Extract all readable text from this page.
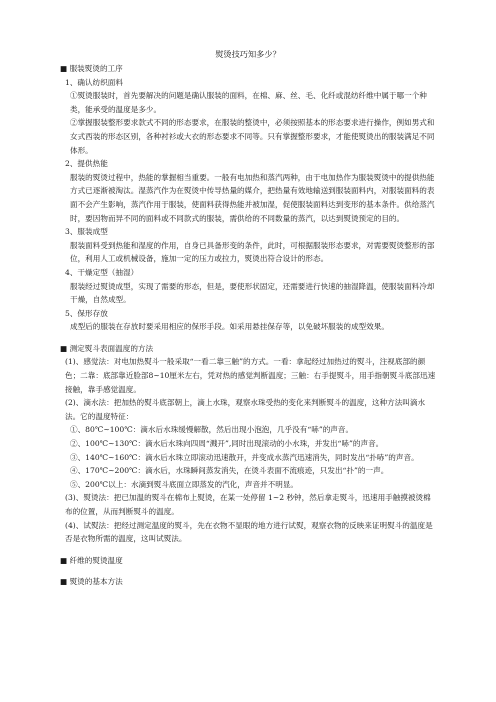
熨烫技巧知多少？

■ 服装熨烫的工序

1、确认纺织面料

①熨烫服装时，首先要解决的问题是确认服装的面料，在棉、麻、丝、毛、化纤或混纺纤维中属于哪一个种类，能承受的温度是多少。

②掌握服装整形要求款式不同的形态要求，在服装的整烫中，必须按照基本的形态要求进行操作，例如男式和女式西装的形态区别，各种衬衫或大衣的形态要求不同等。只有掌握整形要求，才能使熨烫出的服装满足不同体形。

2、提供热能

服装的熨烫过程中，热能的掌握相当重要。一般有电加热和蒸汽两种，由于电加热作为服装熨烫中的提供热能方式已逐渐被淘汰。湿蒸汽作为在熨烫中传导热量的媒介，把热量有效地输送到服装面料内，对服装面料的表面不会产生影响，蒸汽作用于服装，使面料获得热能并被加湿，促使服装面料达到变形的基本条件。供给蒸汽时，要因物而异不同的面料或不同款式的服装，需供给的不同数量的蒸汽，以达到熨烫预定的目的。

3、服装成型

服装面料受到热能和湿度的作用，自身已具备形变的条件，此时，可根据服装形态要求，对需要熨烫整形的部位，利用人工或机械设备，施加一定的压力或拉力，熨烫出符合设计的形态。

4、干燥定型（抽湿）

服装经过熨烫成型，实现了需要的形态，但是，要使形状固定，还需要进行快速的抽湿降温，使服装面料冷却干燥，自然成型。

5、保形存放

成型后的服装在存放时要采用相应的保形手段。如采用悬挂保存等，以免破坏服装的成型效果。

■ 测定熨斗表面温度的方法

(1)、感觉法：对电加热熨斗一般采取“一看二靠三触”的方式。一看：拿起经过加热过的熨斗，注视底部的颜色；二靠：底部靠近脸部8~10厘米左右，凭对热的感觉判断温度；三触：右手提熨斗，用手指朝熨斗底部迅速接触，靠手感觉温度。

(2)、滴水法：把加热的熨斗底部朝上，滴上水珠，观察水珠受热的变化来判断熨斗的温度，这种方法叫滴水法。它的温度特征：

①、80℃~100℃：滴水后水珠缓慢解散，然后出现小泡泡，几乎没有“哧”的声音。

②、100℃~130℃：滴水后水珠向四周“溅开”,同时出现滚动的小水珠，并发出“哧”的声音。

③、140℃~160℃：滴水后水珠立即滚动迅速散开，并变成水蒸汽迅速消失，同时发出“扑哧”的声音。

④、170℃~200℃：滴水后，水珠瞬间蒸发消失，在烫斗表面不流痕迹，只发出“扑”的一声。

⑤、200℃以上：水滴到熨斗底面立即蒸发的汽化，声音并不明显。

(3)、熨烫法：把已加温的熨斗在棉布上熨烫，在某一处停留 1~2 秒钟，然后拿走熨斗，迅速用手触摸被烫棉布的位置，从而判断熨斗的温度。

(4)、试熨法：把经过测定温度的熨斗，先在衣物不显眼的地方进行试熨，观察衣物的反映来证明熨斗的温度是否是衣物所需的温度，这叫试熨法。

■ 纤维的熨烫温度

■ 熨烫的基本方法
